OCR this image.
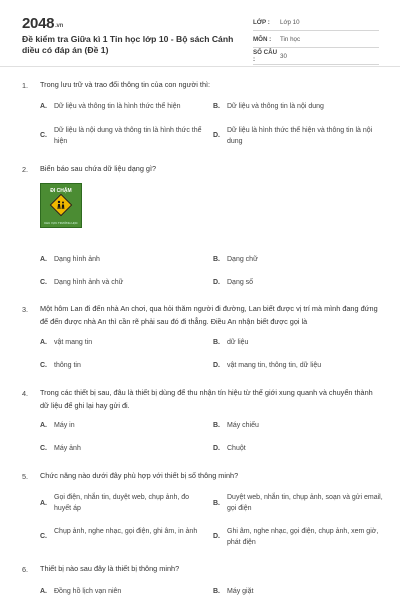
2048.vn
Đề kiểm tra Giữa kì 1 Tin học lớp 10 - Bộ sách Cánh diều có đáp án (Đề 1)
LỚP :	Lớp 10
MÔN :	Tin học
SỐ CÂU :	30
1. Trong lưu trữ và trao đổi thông tin của con người thì:
A. Dữ liệu và thông tin là hình thức thể hiện	B. Dữ liệu và thông tin là nội dung
C.
Dữ liệu là nội dung và thông tin là hình thức thể hiện
D.
Dữ liệu là hình thức thể hiện và thông tin là nội dung
2. Biển báo sau chứa dữ liệu dạng gì?
ĐI CHẬM
KHU VỰC TRƯỜNG HỌC
A. Dạng hình ảnh	B. Dạng chữ
C. Dạng hình ảnh và chữ	D. Dạng số
3. Một hôm Lan đi đến nhà An chơi, qua hỏi thăm người đi đường, Lan biết được vị trí mà mình đang đứng để đến được nhà An thì cần rẽ phải sau đó đi thẳng. Điều An nhận biết được gọi là
A. vật mang tin	B. dữ liệu
C. thông tin	D. vật mang tin, thông tin, dữ liệu
4. Trong các thiết bị sau, đâu là thiết bị dùng để thu nhận tín hiệu từ thế giới xung quanh và chuyển thành dữ liệu để ghi lại hay gửi đi.
A. Máy in	B. Máy chiếu
C. Máy ảnh	D. Chuột
5. Chức năng nào dưới đây phù hợp với thiết bị số thông minh?
A.
Gọi điện, nhắn tin, duyệt web, chụp ảnh, đo huyết áp
B.
Duyệt web, nhắn tin, chụp ảnh, soạn và gửi email, gọi điện
C.
Chụp ảnh, nghe nhạc, gọi điện, ghi âm, in ảnh
D.
Ghi âm, nghe nhạc, gọi điện, chụp ảnh, xem giờ, phát điện
6. Thiết bị nào sau đây là thiết bị thông minh?
A. Đồng hồ lịch vạn niên	B. Máy giặt
